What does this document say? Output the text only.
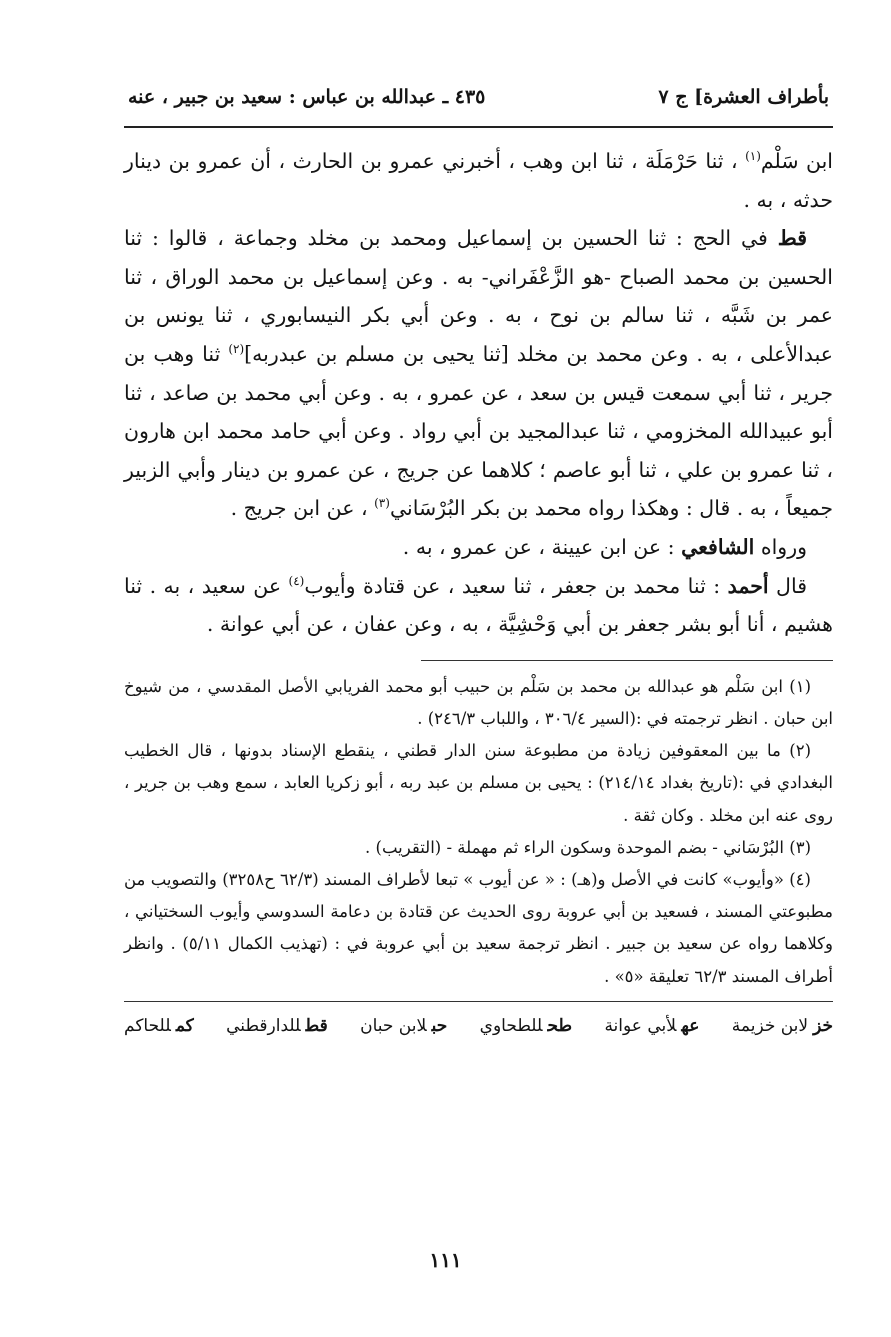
بأطراف العشرة] ج ٧
٤٣٥ ـ عبدالله بن عباس : سعيد بن جبير ، عنه

ابن سَلْم$^{(١)}$ ، ثنا حَرْمَلَة ، ثنا ابن وهب ، أخبرني عمرو بن الحارث ، أن عمرو بن دينار حدثه ، به .

قط في الحج : ثنا الحسين بن إسماعيل ومحمد بن مخلد وجماعة ، قالوا : ثنا الحسين بن محمد الصباح -هو الزَّعْفَراني- به . وعن إسماعيل بن محمد الوراق ، ثنا عمر بن شَبَّه ، ثنا سالم بن نوح ، به . وعن أبي بكر النيسابوري ، ثنا يونس بن عبدالأعلى ، به . وعن محمد بن مخلد [ثنا يحيى بن مسلم بن عبدربه]$^{(٢)}$ ثنا وهب بن جرير ، ثنا أبي سمعت قيس بن سعد ، عن عمرو ، به . وعن أبي محمد بن صاعد ، ثنا أبو عبيدالله المخزومي ، ثنا عبدالمجيد بن أبي رواد . وعن أبي حامد محمد ابن هارون ، ثنا عمرو بن علي ، ثنا أبو عاصم ؛ كلاهما عن جريج ، عن عمرو بن دينار وأبي الزبير جميعاً ، به . قال : وهكذا رواه محمد بن بكر البُرْسَاني$^{(٣)}$ ، عن ابن جريج .

ورواه الشافعي : عن ابن عيينة ، عن عمرو ، به .

قال أحمد : ثنا محمد بن جعفر ، ثنا سعيد ، عن قتادة وأيوب$^{(٤)}$ عن سعيد ، به . ثنا هشيم ، أنا أبو بشر جعفر بن أبي وَحْشِيَّة ، به ، وعن عفان ، عن أبي عوانة .

(١) ابن سَلْم هو عبدالله بن محمد بن سَلْم بن حبيب أبو محمد الفريابي الأصل المقدسي ، من شيوخ ابن حبان . انظر ترجمته في :(السير ٣٠٦/٤ ، واللباب ٢٤٦/٣) .

(٢) ما بين المعقوفين زيادة من مطبوعة سنن الدار قطني ، ينقطع الإسناد بدونها ، قال الخطيب البغدادي في :(تاريخ بغداد ٢١٤/١٤) : يحيى بن مسلم بن عبد ربه ، أبو زكريا العابد ، سمع وهب بن جرير ، روى عنه ابن مخلد . وكان ثقة .

(٣) البُرْسَاني - بضم الموحدة وسكون الراء ثم مهملة - (التقريب) .

(٤) «وأيوب» كانت في الأصل و(هـ) : « عن أيوب » تبعا لأطراف المسند (٦٢/٣ ح٣٢٥٨) والتصويب من مطبوعتي المسند ، فسعيد بن أبي عروبة روى الحديث عن قتادة بن دعامة السدوسي وأيوب السختياني ، وكلاهما رواه عن سعيد بن جبير . انظر ترجمة سعيد بن أبي عروبة في : (تهذيب الكمال ٥/١١) . وانظر أطراف المسند ٦٢/٣ تعليقة «٥» .

خزلابن خزيمة
عهلأبي عوانة
طحللطحاوي
حبلابن حبان
قطللدارقطني
كمللحاكم
١١١
